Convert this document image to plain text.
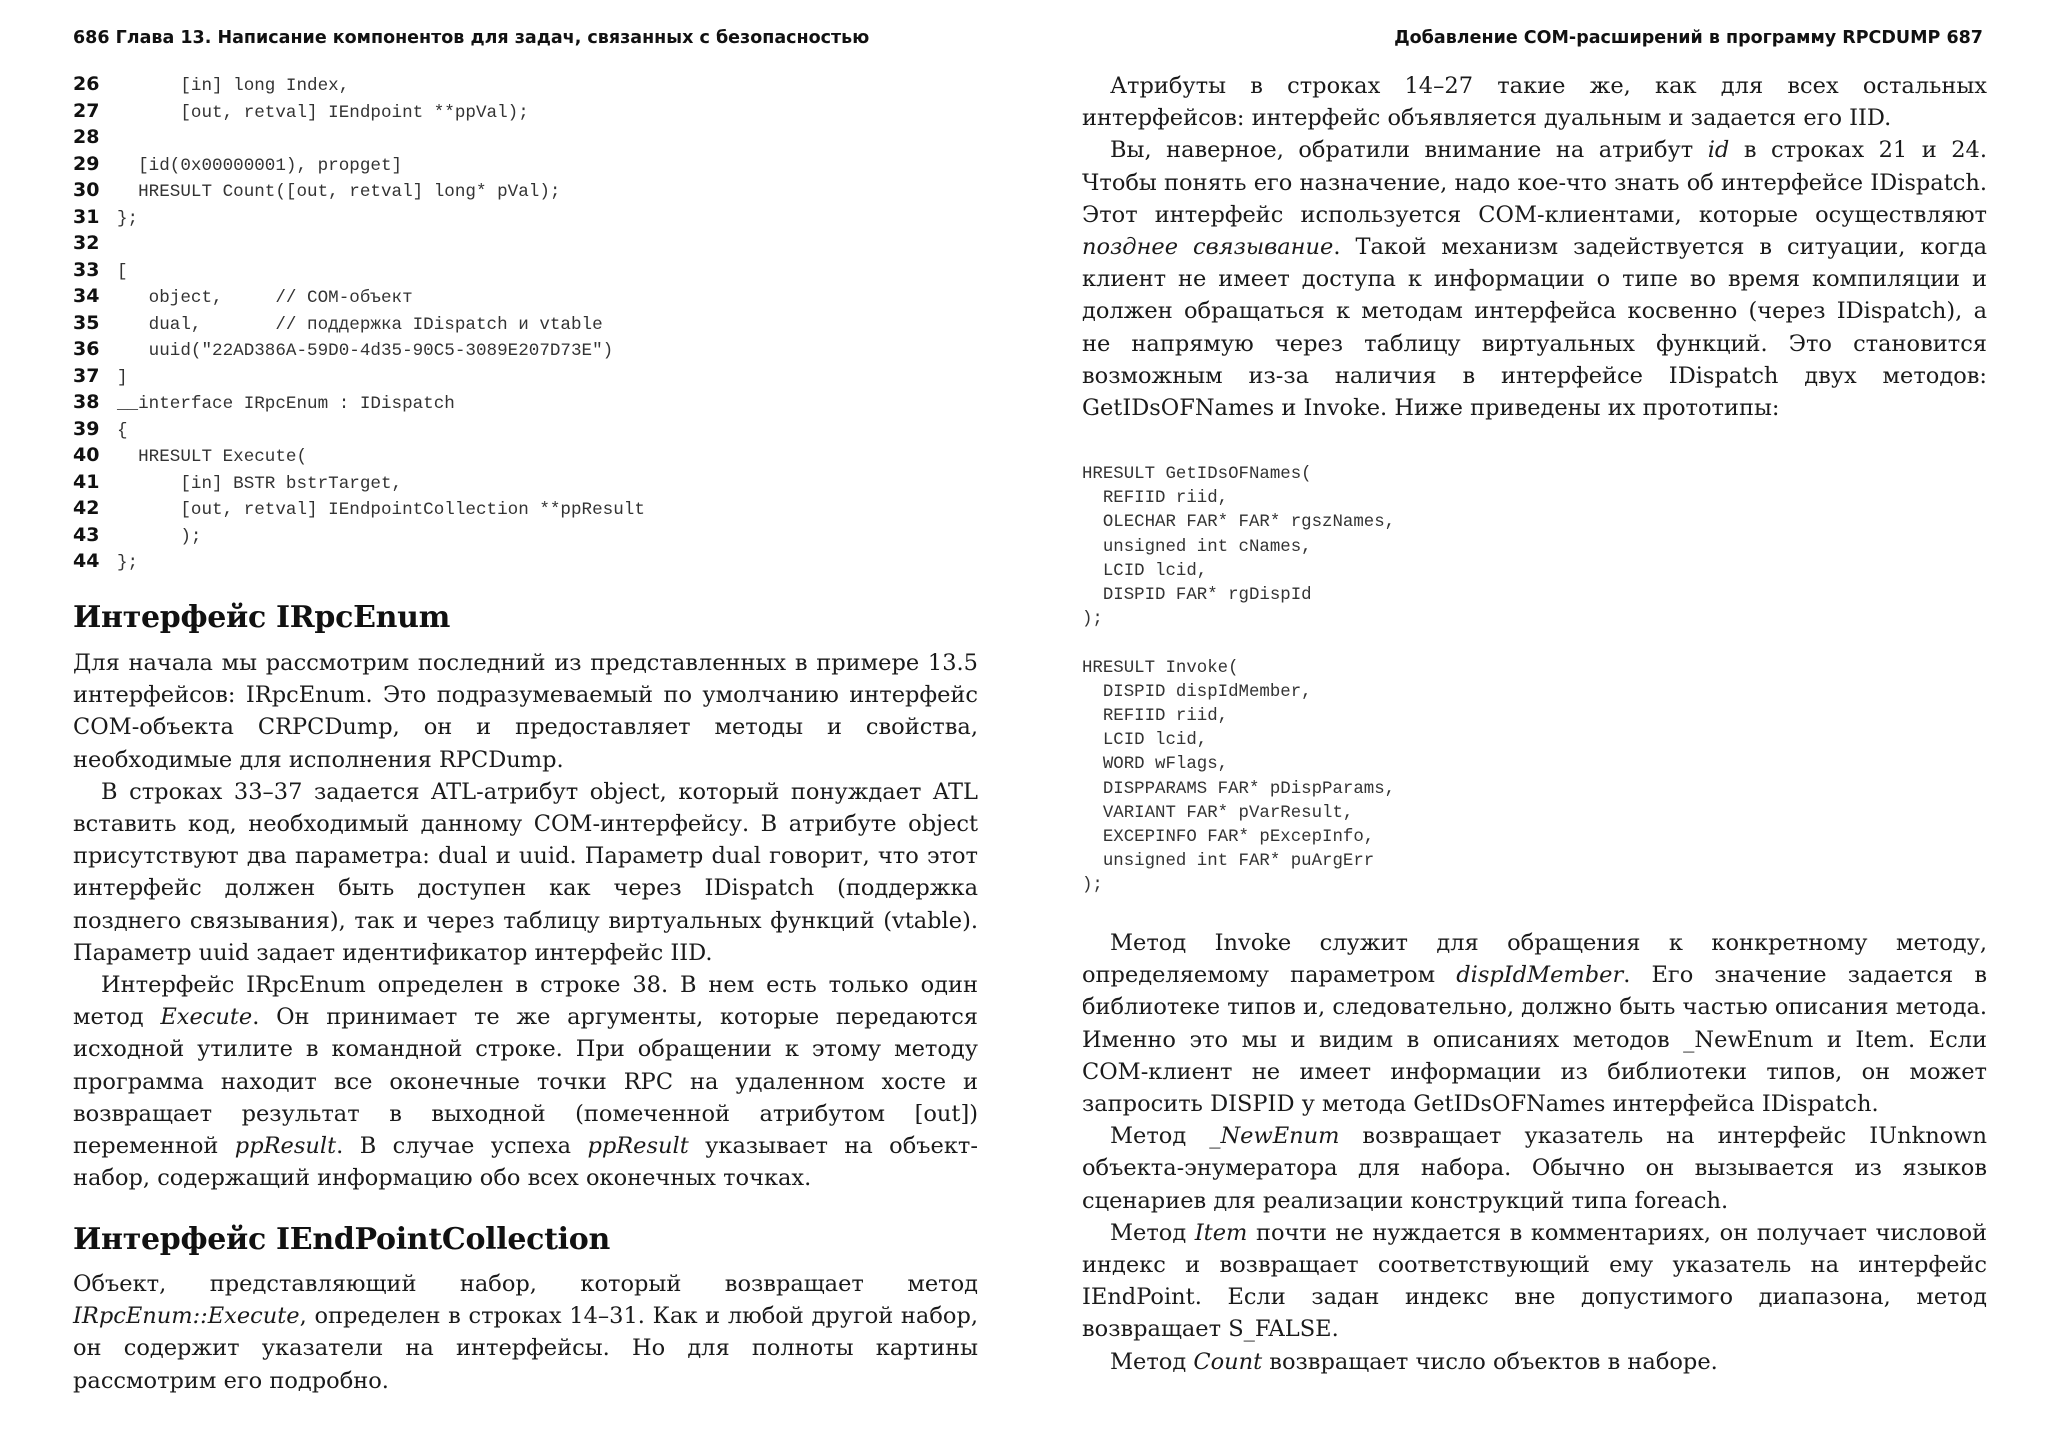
686 Глава 13. Написание компонентов для задач, связанных с безопасностью
26      [in] long Index,
27      [out, retval] IEndpoint **ppVal);
28
29  [id(0x00000001), propget]
30  HRESULT Count([out, retval] long* pVal);
31 };
32
33 [
34   object,     // COM-объект
35   dual,       // поддержка IDispatch и vtable
36   uuid("22AD386A-59D0-4d35-90C5-3089E207D73E")
37 ]
38 __interface IRpcEnum : IDispatch
39 {
40  HRESULT Execute(
41      [in] BSTR bstrTarget,
42      [out, retval] IEndpointCollection **ppResult
43      );
44 };
Интерфейс IRpcEnum

Для начала мы рассмотрим последний из представленных в примере 13.5 интерфейсов: IRpcEnum. Это подразумеваемый по умолчанию интерфейс COM-объекта CRPCDump, он и предоставляет методы и свойства, необходимые для исполнения RPCDump.

В строках 33–37 задается ATL-атрибут object, который понуждает ATL вставить код, необходимый данному COM-интерфейсу. В атрибуте object присутствуют два параметра: dual и uuid. Параметр dual говорит, что этот интерфейс должен быть доступен как через IDispatch (поддержка позднего связывания), так и через таблицу виртуальных функций (vtable). Параметр uuid задает идентификатор интерфейс IID.

Интерфейс IRpcEnum определен в строке 38. В нем есть только один метод Execute. Он принимает те же аргументы, которые передаются исходной утилите в командной строке. При обращении к этому методу программа находит все оконечные точки RPC на удаленном хосте и возвращает результат в выходной (помеченной атрибутом [out]) переменной ppResult. В случае успеха ppResult указывает на объект-набор, содержащий информацию обо всех оконечных точках.

Интерфейс IEndPointCollection

Объект, представляющий набор, который возвращает метод IRpcEnum::Execute, определен в строках 14–31. Как и любой другой набор, он содержит указатели на интерфейсы. Но для полноты картины рассмотрим его подробно.

Добавление COM-расширений в программу RPCDUMP 687

Атрибуты в строках 14–27 такие же, как для всех остальных интерфейсов: интерфейс объявляется дуальным и задается его IID.

Вы, наверное, обратили внимание на атрибут id в строках 21 и 24. Чтобы понять его назначение, надо кое-что знать об интерфейсе IDispatch. Этот интерфейс используется COM-клиентами, которые осуществляют позднее связывание. Такой механизм задействуется в ситуации, когда клиент не имеет доступа к информации о типе во время компиляции и должен обращаться к методам интерфейса косвенно (через IDispatch), а не напрямую через таблицу виртуальных функций. Это становится возможным из-за наличия в интерфейсе IDispatch двух методов: GetIDsOFNames и Invoke. Ниже приведены их прототипы:

HRESULT GetIDsOFNames(
REFIID riid,
OLECHAR FAR* FAR* rgszNames,
unsigned int cNames,
LCID lcid,
DISPID FAR* rgDispId
);

HRESULT Invoke(
DISPID dispIdMember,
REFIID riid,
LCID lcid,
WORD wFlags,
DISPPARAMS FAR* pDispParams,
VARIANT FAR* pVarResult,
EXCEPINFO FAR* pExcepInfo,
unsigned int FAR* puArgErr
);

Метод Invoke служит для обращения к конкретному методу, определяемому параметром dispIdMember. Его значение задается в библиотеке типов и, следовательно, должно быть частью описания метода. Именно это мы и видим в описаниях методов _NewEnum и Item. Если COM-клиент не имеет информации из библиотеки типов, он может запросить DISPID у метода GetIDsOFNames интерфейса IDispatch.

Метод _NewEnum возвращает указатель на интерфейс IUnknown объекта-энумератора для набора. Обычно он вызывается из языков сценариев для реализации конструкций типа foreach.

Метод Item почти не нуждается в комментариях, он получает числовой индекс и возвращает соответствующий ему указатель на интерфейс IEndPoint. Если задан индекс вне допустимого диапазона, метод возвращает S_FALSE.

Метод Count возвращает число объектов в наборе.
